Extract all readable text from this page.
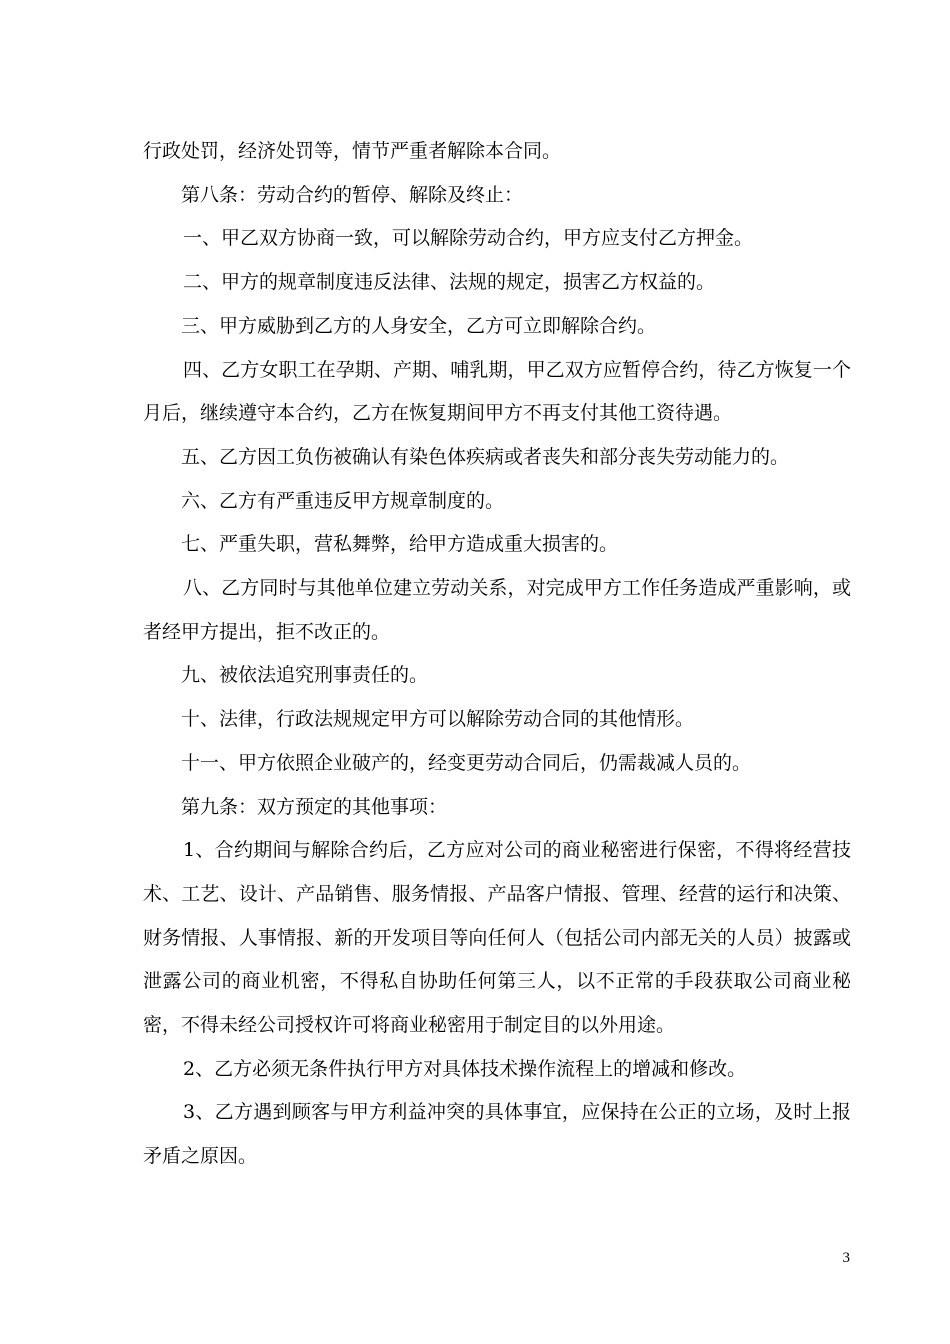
行政处罚，经济处罚等，情节严重者解除本合同。

第八条：劳动合约的暂停、解除及终止：

一、甲乙双方协商一致，可以解除劳动合约，甲方应支付乙方押金。

二、甲方的规章制度违反法律、法规的规定，损害乙方权益的。

三、甲方威胁到乙方的人身安全，乙方可立即解除合约。

四、乙方女职工在孕期、产期、哺乳期，甲乙双方应暂停合约，待乙方恢复一个月后，继续遵守本合约，乙方在恢复期间甲方不再支付其他工资待遇。

五、乙方因工负伤被确认有染色体疾病或者丧失和部分丧失劳动能力的。

六、乙方有严重违反甲方规章制度的。

七、严重失职，营私舞弊，给甲方造成重大损害的。

八、乙方同时与其他单位建立劳动关系，对完成甲方工作任务造成严重影响，或者经甲方提出，拒不改正的。

九、被依法追究刑事责任的。

十、法律，行政法规规定甲方可以解除劳动合同的其他情形。

十一、甲方依照企业破产的，经变更劳动合同后，仍需裁减人员的。

第九条：双方预定的其他事项：

1、合约期间与解除合约后，乙方应对公司的商业秘密进行保密，不得将经营技术、工艺、设计、产品销售、服务情报、产品客户情报、管理、经营的运行和决策、财务情报、人事情报、新的开发项目等向任何人（包括公司内部无关的人员）披露或泄露公司的商业机密，不得私自协助任何第三人，以不正常的手段获取公司商业秘密，不得未经公司授权许可将商业秘密用于制定目的以外用途。

2、乙方必须无条件执行甲方对具体技术操作流程上的增减和修改。

3、乙方遇到顾客与甲方利益冲突的具体事宜，应保持在公正的立场，及时上报矛盾之原因。

3
